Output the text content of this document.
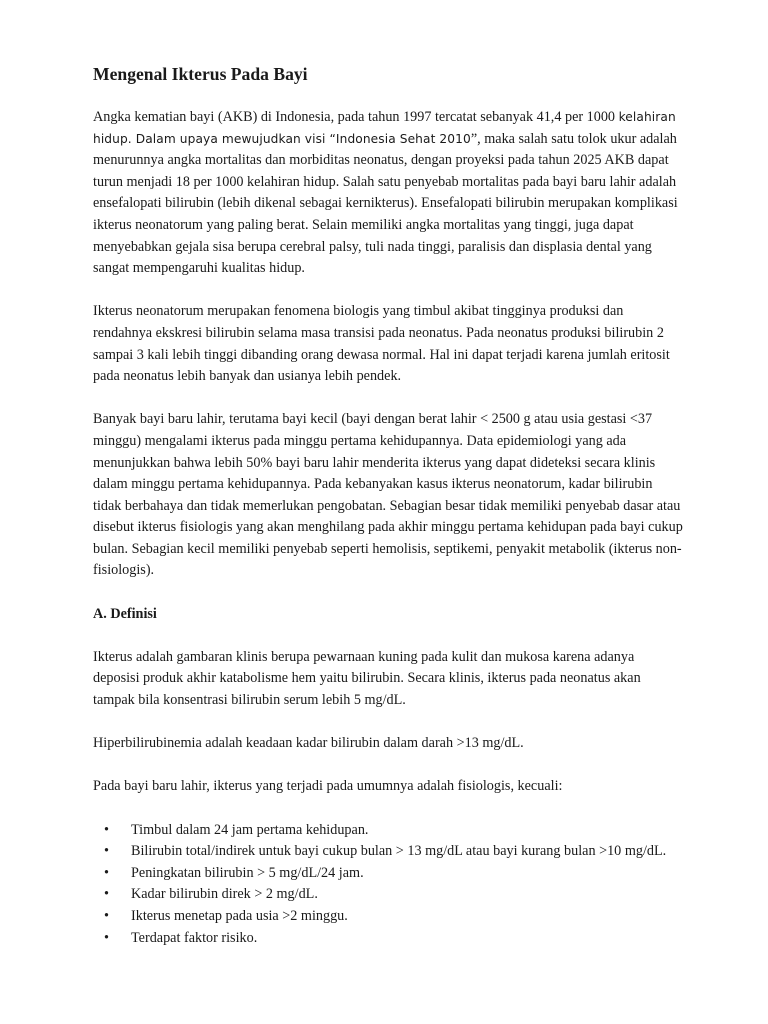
Mengenal Ikterus Pada Bayi

Angka kematian bayi (AKB) di Indonesia, pada tahun 1997 tercatat sebanyak 41,4 per 1000 kelahiran hidup. Dalam upaya mewujudkan visi “Indonesia Sehat 2010”, maka salah satu tolok ukur adalah menurunnya angka mortalitas dan morbiditas neonatus, dengan proyeksi pada tahun 2025 AKB dapat turun menjadi 18 per 1000 kelahiran hidup. Salah satu penyebab mortalitas pada bayi baru lahir adalah ensefalopati bilirubin (lebih dikenal sebagai kernikterus). Ensefalopati bilirubin merupakan komplikasi ikterus neonatorum yang paling berat. Selain memiliki angka mortalitas yang tinggi, juga dapat menyebabkan gejala sisa berupa cerebral palsy, tuli nada tinggi, paralisis dan displasia dental yang sangat mempengaruhi kualitas hidup.

Ikterus neonatorum merupakan fenomena biologis yang timbul akibat tingginya produksi dan rendahnya ekskresi bilirubin selama masa transisi pada neonatus. Pada neonatus produksi bilirubin 2 sampai 3 kali lebih tinggi dibanding orang dewasa normal. Hal ini dapat terjadi karena jumlah eritosit pada neonatus lebih banyak dan usianya lebih pendek.

Banyak bayi baru lahir, terutama bayi kecil (bayi dengan berat lahir < 2500 g atau usia gestasi <37 minggu) mengalami ikterus pada minggu pertama kehidupannya. Data epidemiologi yang ada menunjukkan bahwa lebih 50% bayi baru lahir menderita ikterus yang dapat dideteksi secara klinis dalam minggu pertama kehidupannya. Pada kebanyakan kasus ikterus neonatorum, kadar bilirubin tidak berbahaya dan tidak memerlukan pengobatan. Sebagian besar tidak memiliki penyebab dasar atau disebut ikterus fisiologis yang akan menghilang pada akhir minggu pertama kehidupan pada bayi cukup bulan. Sebagian kecil memiliki penyebab seperti hemolisis, septikemi, penyakit metabolik (ikterus non-fisiologis).

A. Definisi

Ikterus adalah gambaran klinis berupa pewarnaan kuning pada kulit dan mukosa karena adanya deposisi produk akhir katabolisme hem yaitu bilirubin. Secara klinis, ikterus pada neonatus akan tampak bila konsentrasi bilirubin serum lebih 5 mg/dL.

Hiperbilirubinemia adalah keadaan kadar bilirubin dalam darah >13 mg/dL.

Pada bayi baru lahir, ikterus yang terjadi pada umumnya adalah fisiologis, kecuali:

• Timbul dalam 24 jam pertama kehidupan.
• Bilirubin total/indirek untuk bayi cukup bulan > 13 mg/dL atau bayi kurang bulan >10 mg/dL.
• Peningkatan bilirubin > 5 mg/dL/24 jam.
• Kadar bilirubin direk > 2 mg/dL.
• Ikterus menetap pada usia >2 minggu.
• Terdapat faktor risiko.
